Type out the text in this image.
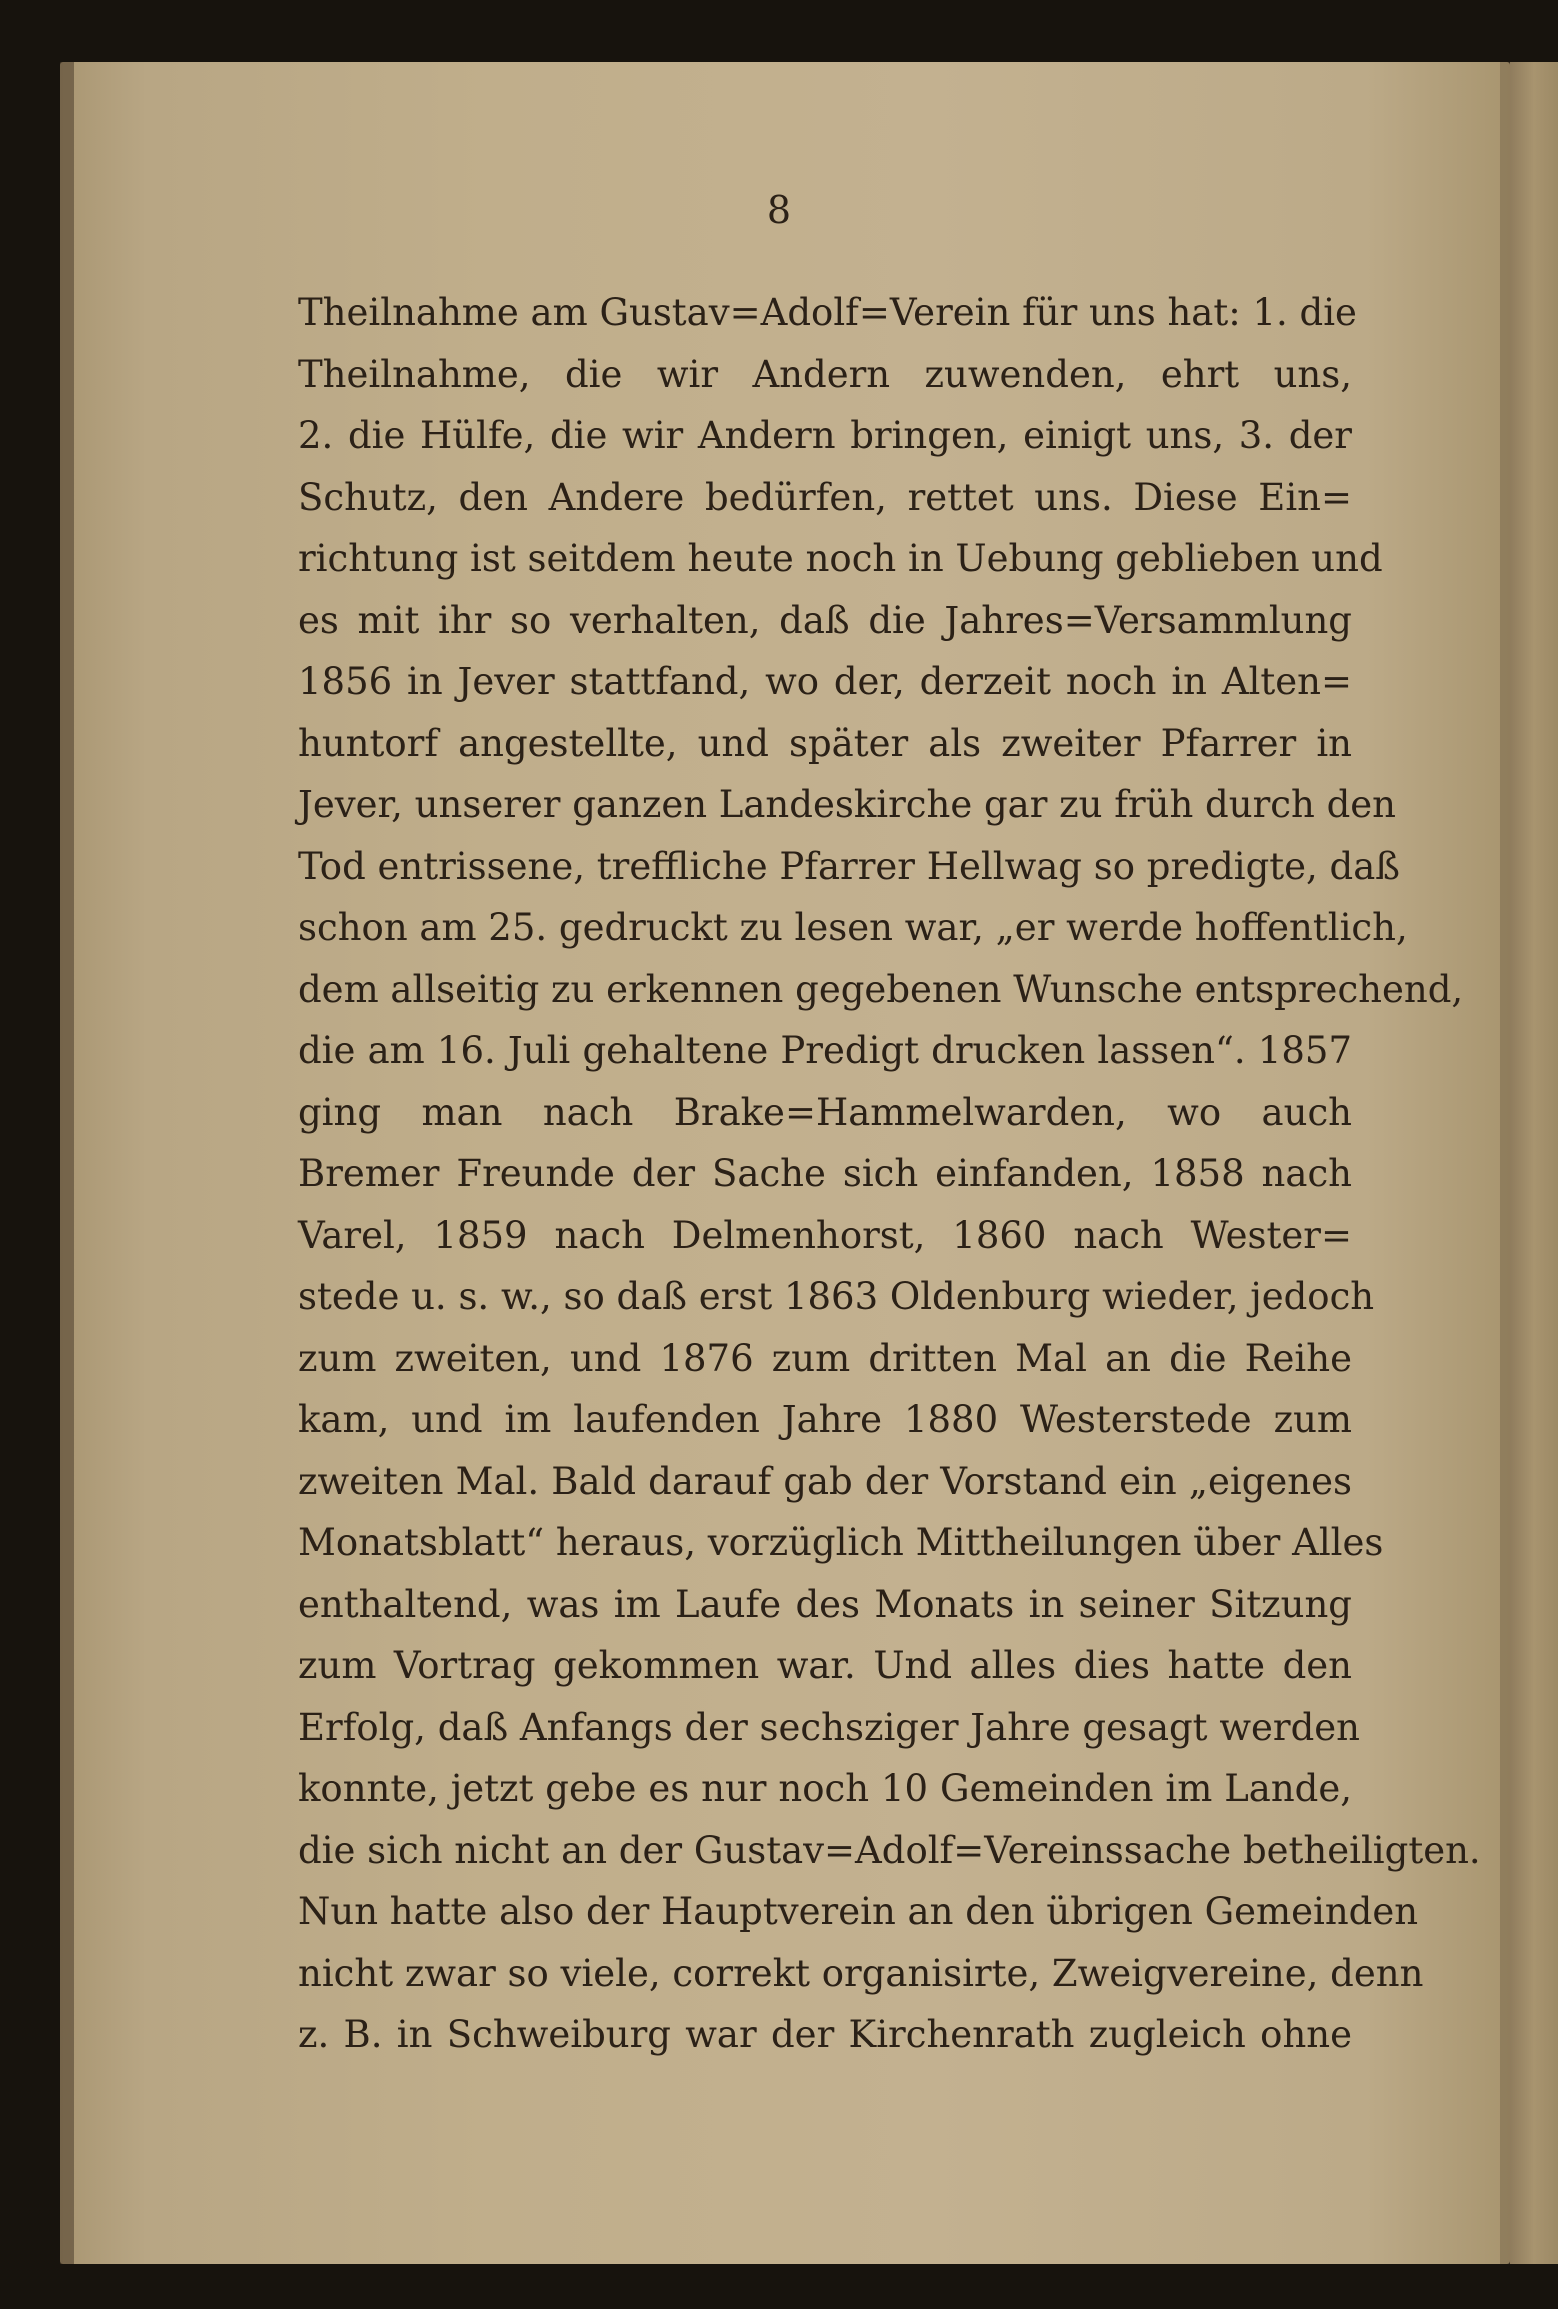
8
Theilnahme am Gustav=Adolf=Verein für uns hat: 1. die
Theilnahme, die wir Andern zuwenden, ehrt uns,
2. die Hülfe, die wir Andern bringen, einigt uns, 3. der
Schutz, den Andere bedürfen, rettet uns. Diese Ein=
richtung ist seitdem heute noch in Uebung geblieben und
es mit ihr so verhalten, daß die Jahres=Versammlung
1856 in Jever stattfand, wo der, derzeit noch in Alten=
huntorf angestellte, und später als zweiter Pfarrer in
Jever, unserer ganzen Landeskirche gar zu früh durch den
Tod entrissene, treffliche Pfarrer Hellwag so predigte, daß
schon am 25. gedruckt zu lesen war, „er werde hoffentlich,
dem allseitig zu erkennen gegebenen Wunsche entsprechend,
die am 16. Juli gehaltene Predigt drucken lassen“. 1857
ging man nach Brake=Hammelwarden, wo auch
Bremer Freunde der Sache sich einfanden, 1858 nach
Varel, 1859 nach Delmenhorst, 1860 nach Wester=
stede u. s. w., so daß erst 1863 Oldenburg wieder, jedoch
zum zweiten, und 1876 zum dritten Mal an die Reihe
kam, und im laufenden Jahre 1880 Westerstede zum
zweiten Mal. Bald darauf gab der Vorstand ein „eigenes
Monatsblatt“ heraus, vorzüglich Mittheilungen über Alles
enthaltend, was im Laufe des Monats in seiner Sitzung
zum Vortrag gekommen war. Und alles dies hatte den
Erfolg, daß Anfangs der sechsziger Jahre gesagt werden
konnte, jetzt gebe es nur noch 10 Gemeinden im Lande,
die sich nicht an der Gustav=Adolf=Vereinssache betheiligten.
Nun hatte also der Hauptverein an den übrigen Gemeinden
nicht zwar so viele, correkt organisirte, Zweigvereine, denn
z. B. in Schweiburg war der Kirchenrath zugleich ohne
